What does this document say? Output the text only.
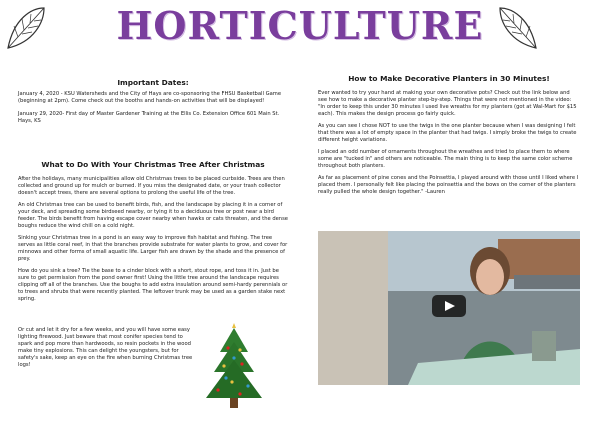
HORTICULTURE

Important Dates:

January 4, 2020 - KSU Watersheds and the City of Hays are co-sponsoring the FHSU Basketball Game (beginning at 2pm). Come check out the booths and hands-on activities that will be displayed!

January 29, 2020- First day of Master Gardener Training at the Ellis Co. Extension Office 601 Main St. Hays, KS

What to Do With Your Christmas Tree After Christmas

After the holidays, many municipalities allow old Christmas trees to be placed curbside. Trees are then collected and ground up for mulch or burned. If you miss the designated date, or your trash collector doesn't accept trees, there are several options to prolong the useful life of the tree.

An old Christmas tree can be used to benefit birds, fish, and the landscape by placing it in a corner of your deck, and spreading some birdseed nearby, or tying it to a deciduous tree or post near a bird feeder. The birds benefit from having escape cover nearby when hawks or cats threaten, and the dense boughs reduce the wind chill on a cold night.

Sinking your Christmas tree in a pond is an easy way to improve fish habitat and fishing. The tree serves as little coral reef, in that the branches provide substrate for water plants to grow, and cover for minnows and other forms of small aquatic life. Larger fish are drawn by the shade and the presence of prey.

How do you sink a tree? Tie the base to a cinder block with a short, stout rope, and toss it in. Just be sure to get permission from the pond owner first! Using the little tree around the landscape requires clipping off all of the branches. Use the boughs to add extra insulation around semi-hardy perennials or to trees and shrubs that were recently planted. The leftover trunk may be used as a garden stake next spring.

Or cut and let it dry for a few weeks, and you will have some easy lighting firewood. Just beware that most conifer species tend to spark and pop more than hardwoods, so resin pockets in the wood make tiny explosions. This can delight the youngsters, but for safety's sake, keep an eye on the fire when burning Christmas tree logs!

How to Make Decorative Planters in 30 Minutes!

Ever wanted to try your hand at making your own decorative pots? Check out the link below and see how to make a decorative planter step-by-step. Things that were not mentioned in the video: "In order to keep this under 30 minutes I used live wreaths for my planters (got at Wal-Mart for $15 each). This makes the design process go fairly quick.

As you can see I chose NOT to use the twigs in the one planter because when I was designing I felt that there was a lot of empty space in the planter that had twigs. I simply broke the twigs to create different height variations.

I placed an odd number of ornaments throughout the wreathes and tried to place them to where some are "tucked in" and others are noticeable. The main thing is to keep the same color scheme throughout both planters.

As far as placement of pine cones and the Poinsettia, I played around with those until I liked where I placed them. I personally felt like placing the poinsettia and the bows on the corner of the planters really pulled the whole design together." -Lauren
